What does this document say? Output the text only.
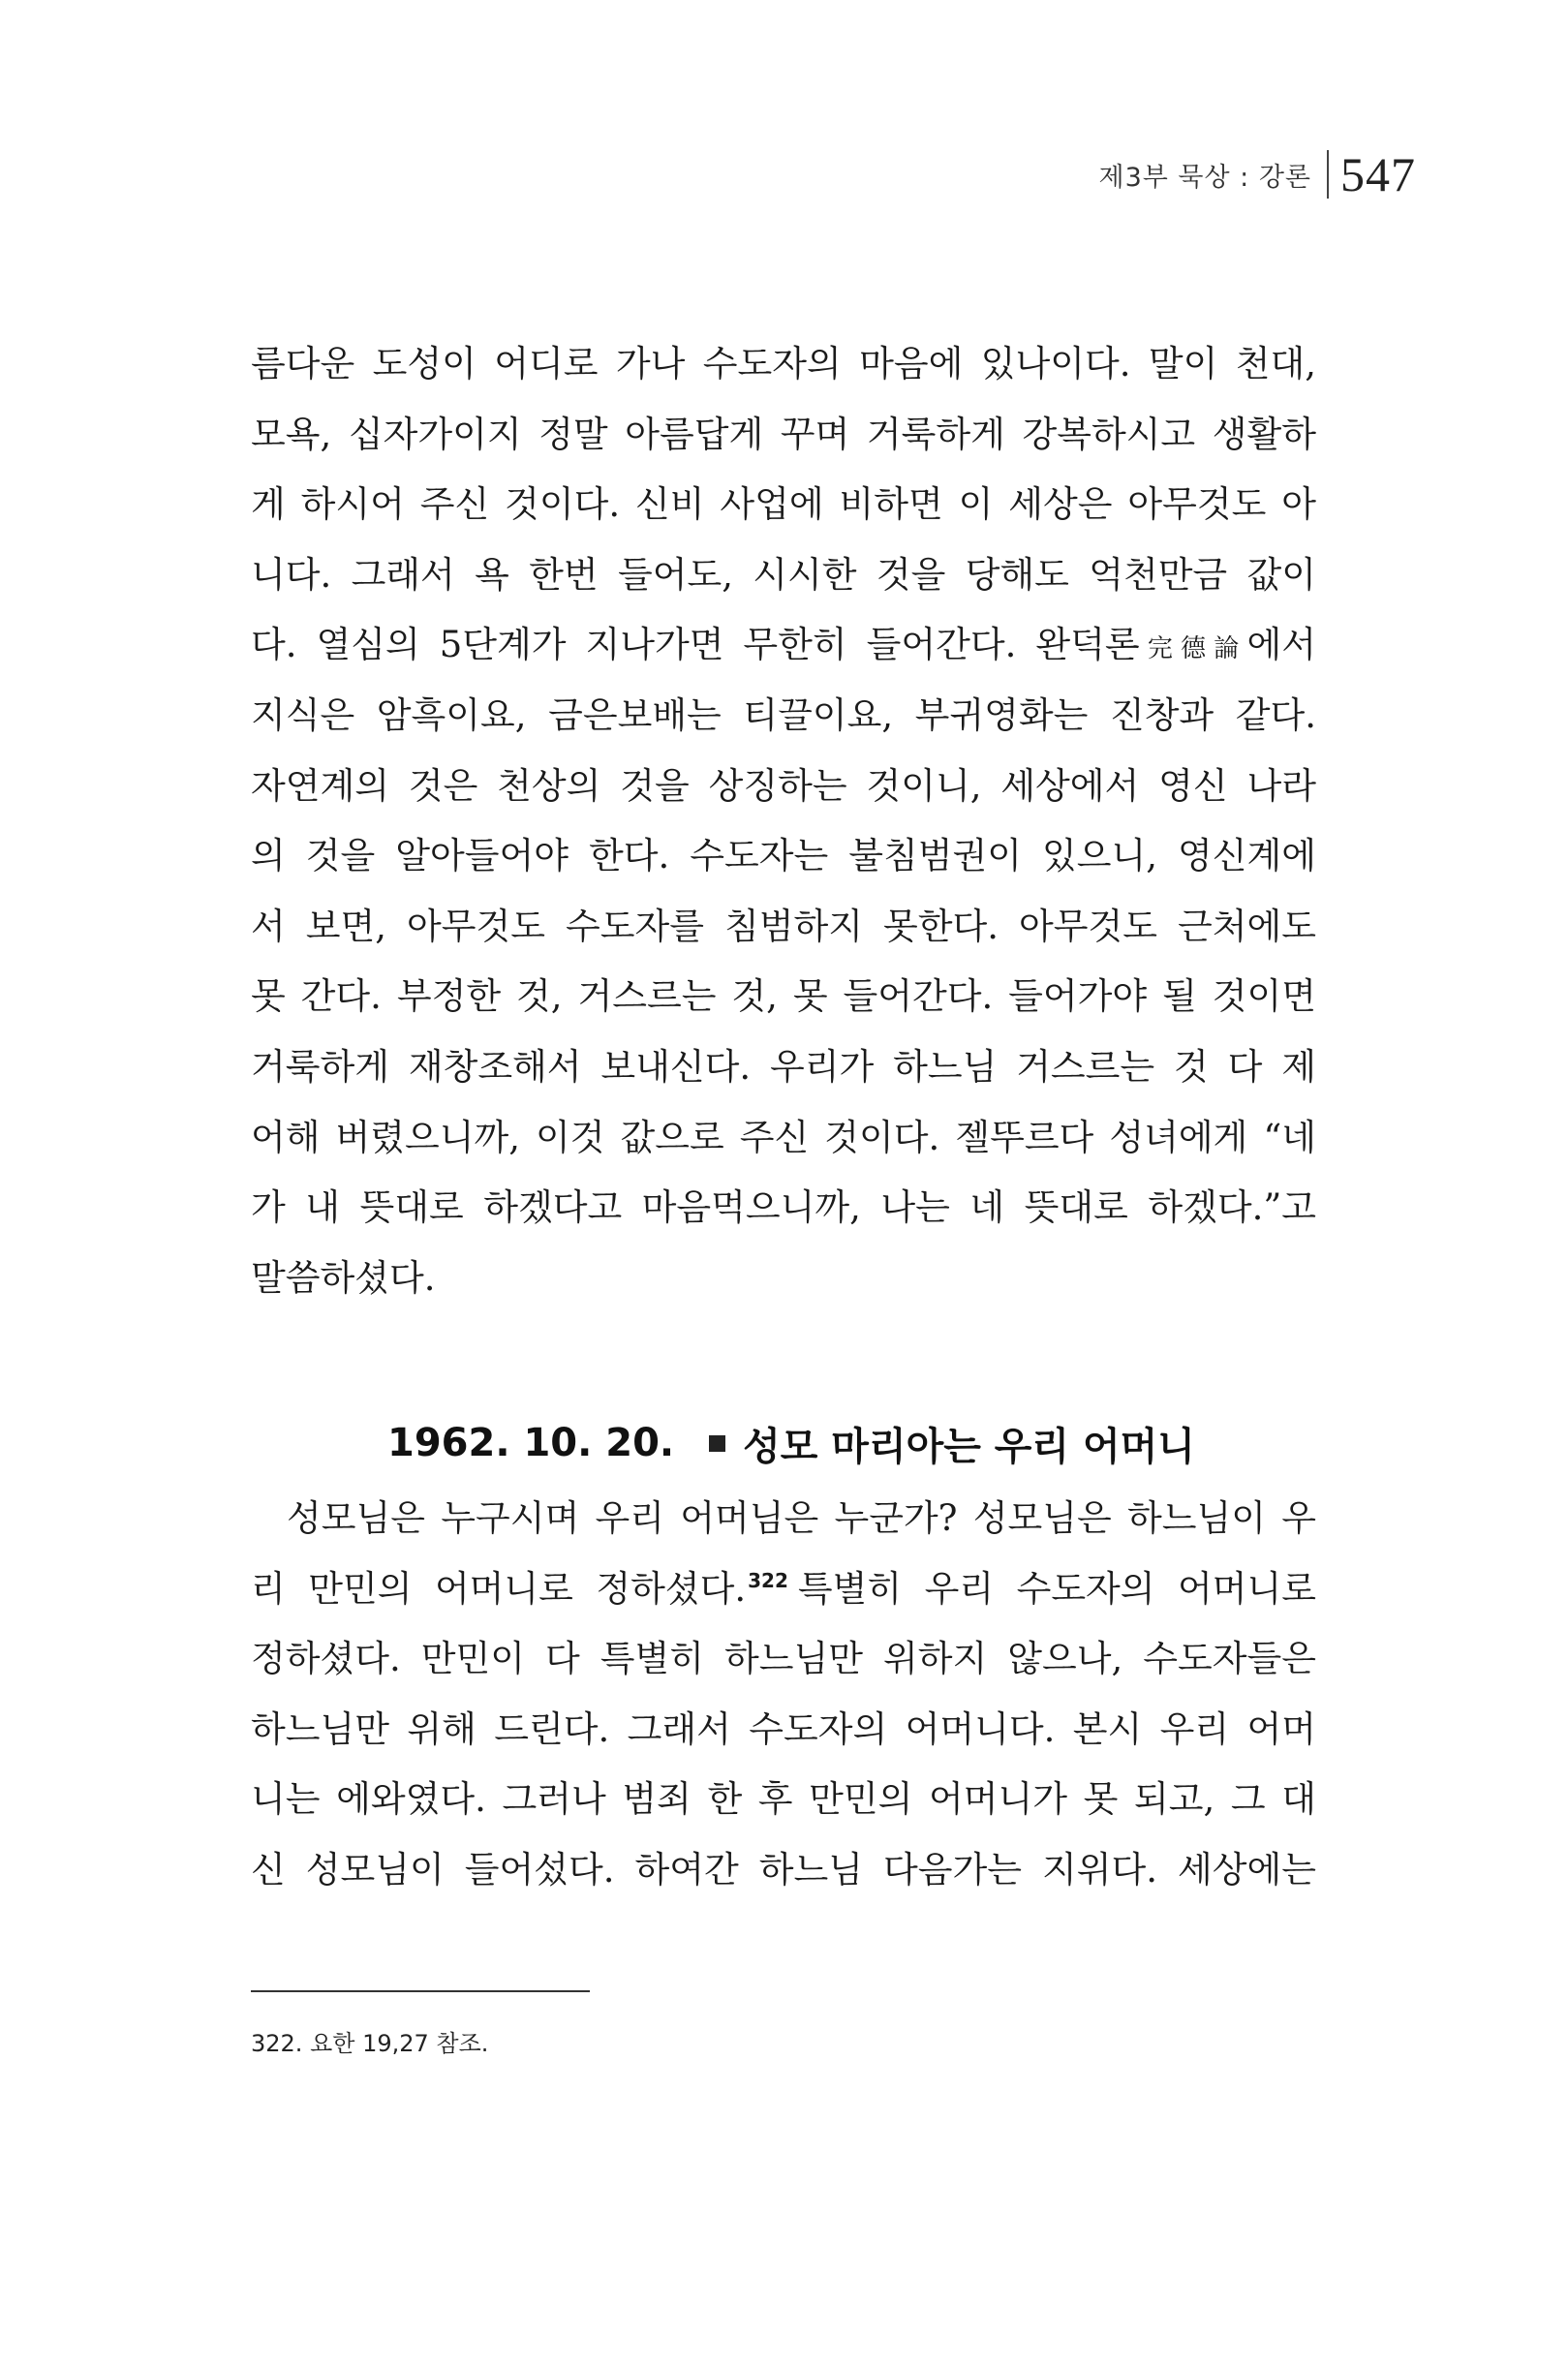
제3부 묵상 : 강론 547
름다운 도성이 어디로 가나 수도자의 마음에 있나이다. 말이 천대,
모욕, 십자가이지 정말 아름답게 꾸며 거룩하게 강복하시고 생활하
게 하시어 주신 것이다. 신비 사업에 비하면 이 세상은 아무것도 아
니다. 그래서 욕 한번 들어도, 시시한 것을 당해도 억천만금 값이
다. 열심의 5단계가 지나가면 무한히 들어간다. 완덕론完德論에서
지식은 암흑이요, 금은보배는 티끌이요, 부귀영화는 진창과 같다.
자연계의 것은 천상의 것을 상징하는 것이니, 세상에서 영신 나라
의 것을 알아들어야 한다. 수도자는 불침범권이 있으니, 영신계에
서 보면, 아무것도 수도자를 침범하지 못한다. 아무것도 근처에도
못 간다. 부정한 것, 거스르는 것, 못 들어간다. 들어가야 될 것이면
거룩하게 재창조해서 보내신다. 우리가 하느님 거스르는 것 다 제
어해 버렸으니까, 이것 값으로 주신 것이다. 젤뚜르다 성녀에게 “네
가 내 뜻대로 하겠다고 마음먹으니까, 나는 네 뜻대로 하겠다.”고
말씀하셨다.
1962. 10. 20. 성모 마리아는 우리 어머니
성모님은 누구시며 우리 어머님은 누군가? 성모님은 하느님이 우
리 만민의 어머니로 정하셨다. $^{322}$ 특별히 우리 수도자의 어머니로
정하셨다. 만민이 다 특별히 하느님만 위하지 않으나, 수도자들은
하느님만 위해 드린다. 그래서 수도자의 어머니다. 본시 우리 어머
니는 에와였다. 그러나 범죄 한 후 만민의 어머니가 못 되고, 그 대
신 성모님이 들어섰다. 하여간 하느님 다음가는 지위다. 세상에는
322. 요한 19,27 참조.
